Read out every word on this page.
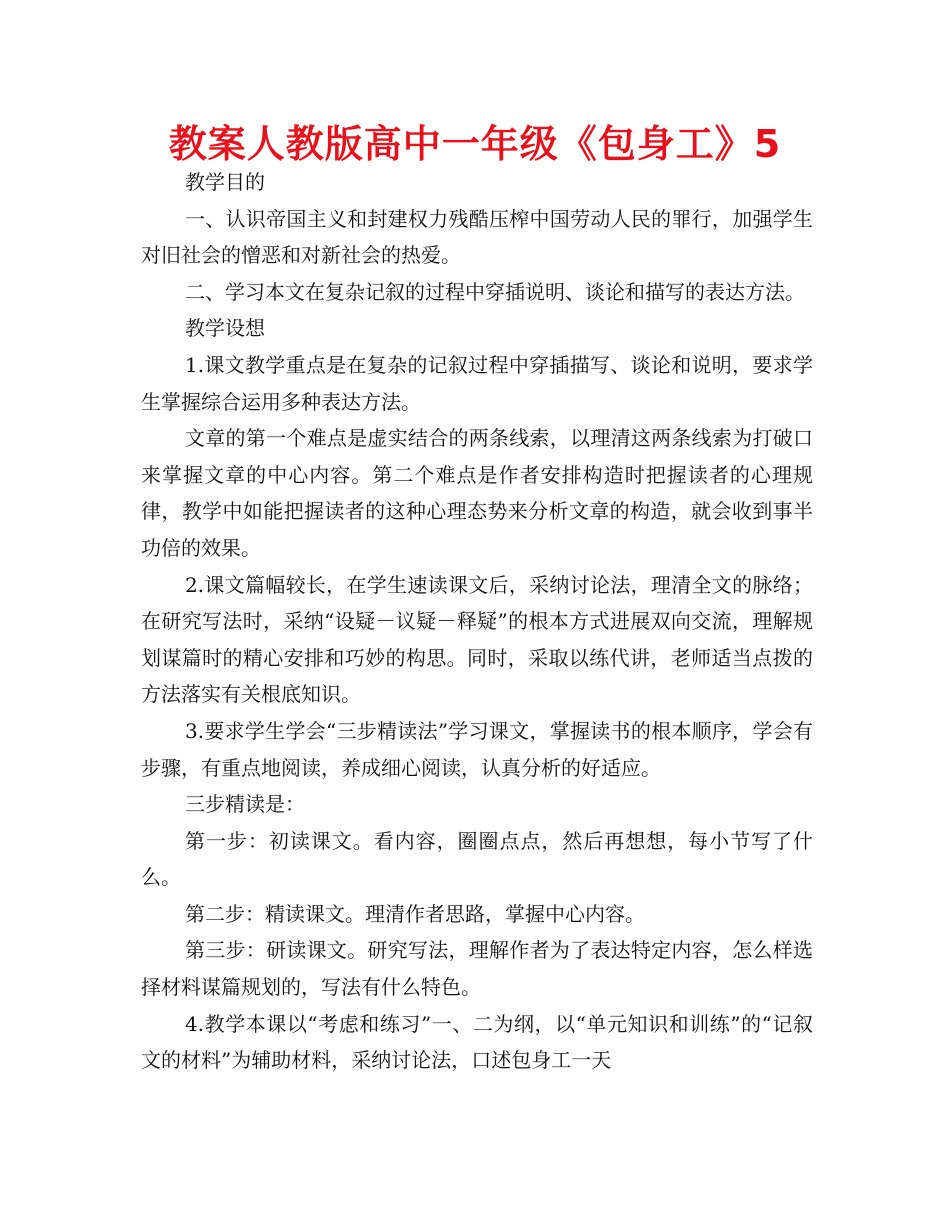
教案人教版高中一年级《包身工》5

教学目的

一、认识帝国主义和封建权力残酷压榨中国劳动人民的罪行，加强学生对旧社会的憎恶和对新社会的热爱。

二、学习本文在复杂记叙的过程中穿插说明、谈论和描写的表达方法。

教学设想

1.课文教学重点是在复杂的记叙过程中穿插描写、谈论和说明，要求学生掌握综合运用多种表达方法。

文章的第一个难点是虚实结合的两条线索，以理清这两条线索为打破口来掌握文章的中心内容。第二个难点是作者安排构造时把握读者的心理规律，教学中如能把握读者的这种心理态势来分析文章的构造，就会收到事半功倍的效果。

2.课文篇幅较长，在学生速读课文后，采纳讨论法，理清全文的脉络；在研究写法时，采纳“设疑－议疑－释疑”的根本方式进展双向交流，理解规划谋篇时的精心安排和巧妙的构思。同时，采取以练代讲，老师适当点拨的方法落实有关根底知识。

3.要求学生学会“三步精读法”学习课文，掌握读书的根本顺序，学会有步骤，有重点地阅读，养成细心阅读，认真分析的好适应。

三步精读是：

第一步：初读课文。看内容，圈圈点点，然后再想想，每小节写了什么。

第二步：精读课文。理清作者思路，掌握中心内容。

第三步：研读课文。研究写法，理解作者为了表达特定内容，怎么样选择材料谋篇规划的，写法有什么特色。

4.教学本课以“考虑和练习”一、二为纲，以“单元知识和训练”的“记叙文的材料”为辅助材料，采纳讨论法，口述包身工一天
